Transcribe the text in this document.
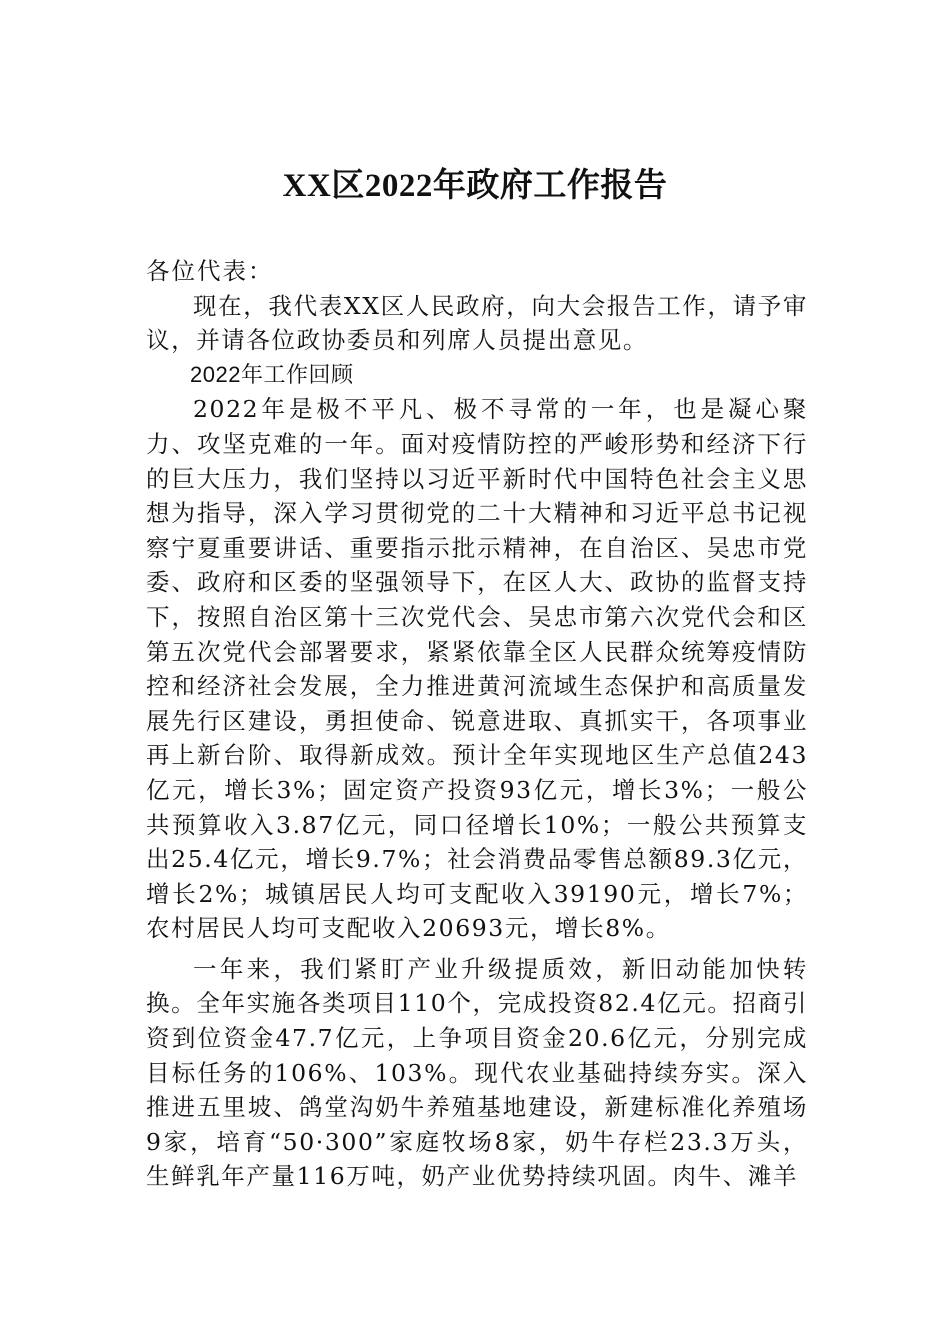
XX区2022年政府工作报告

各位代表：

现在，我代表XX区人民政府，向大会报告工作，请予审议，并请各位政协委员和列席人员提出意见。

2022年工作回顾

2022年是极不平凡、极不寻常的一年，也是凝心聚力、攻坚克难的一年。面对疫情防控的严峻形势和经济下行的巨大压力，我们坚持以习近平新时代中国特色社会主义思想为指导，深入学习贯彻党的二十大精神和习近平总书记视察宁夏重要讲话、重要指示批示精神，在自治区、吴忠市党委、政府和区委的坚强领导下，在区人大、政协的监督支持下，按照自治区第十三次党代会、吴忠市第六次党代会和区第五次党代会部署要求，紧紧依靠全区人民群众统筹疫情防控和经济社会发展，全力推进黄河流域生态保护和高质量发展先行区建设，勇担使命、锐意进取、真抓实干，各项事业再上新台阶、取得新成效。预计全年实现地区生产总值243亿元，增长3%；固定资产投资93亿元，增长3%；一般公共预算收入3.87亿元，同口径增长10%；一般公共预算支出25.4亿元，增长9.7%；社会消费品零售总额89.3亿元，增长2%；城镇居民人均可支配收入39190元，增长7%；农村居民人均可支配收入20693元，增长8%。

一年来，我们紧盯产业升级提质效，新旧动能加快转换。全年实施各类项目110个，完成投资82.4亿元。招商引资到位资金47.7亿元，上争项目资金20.6亿元，分别完成目标任务的106%、103%。现代农业基础持续夯实。深入推进五里坡、鸽堂沟奶牛养殖基地建设，新建标准化养殖场9家，培育“50·300”家庭牧场8家，奶牛存栏23.3万头，生鲜乳年产量116万吨，奶产业优势持续巩固。肉牛、滩羊
